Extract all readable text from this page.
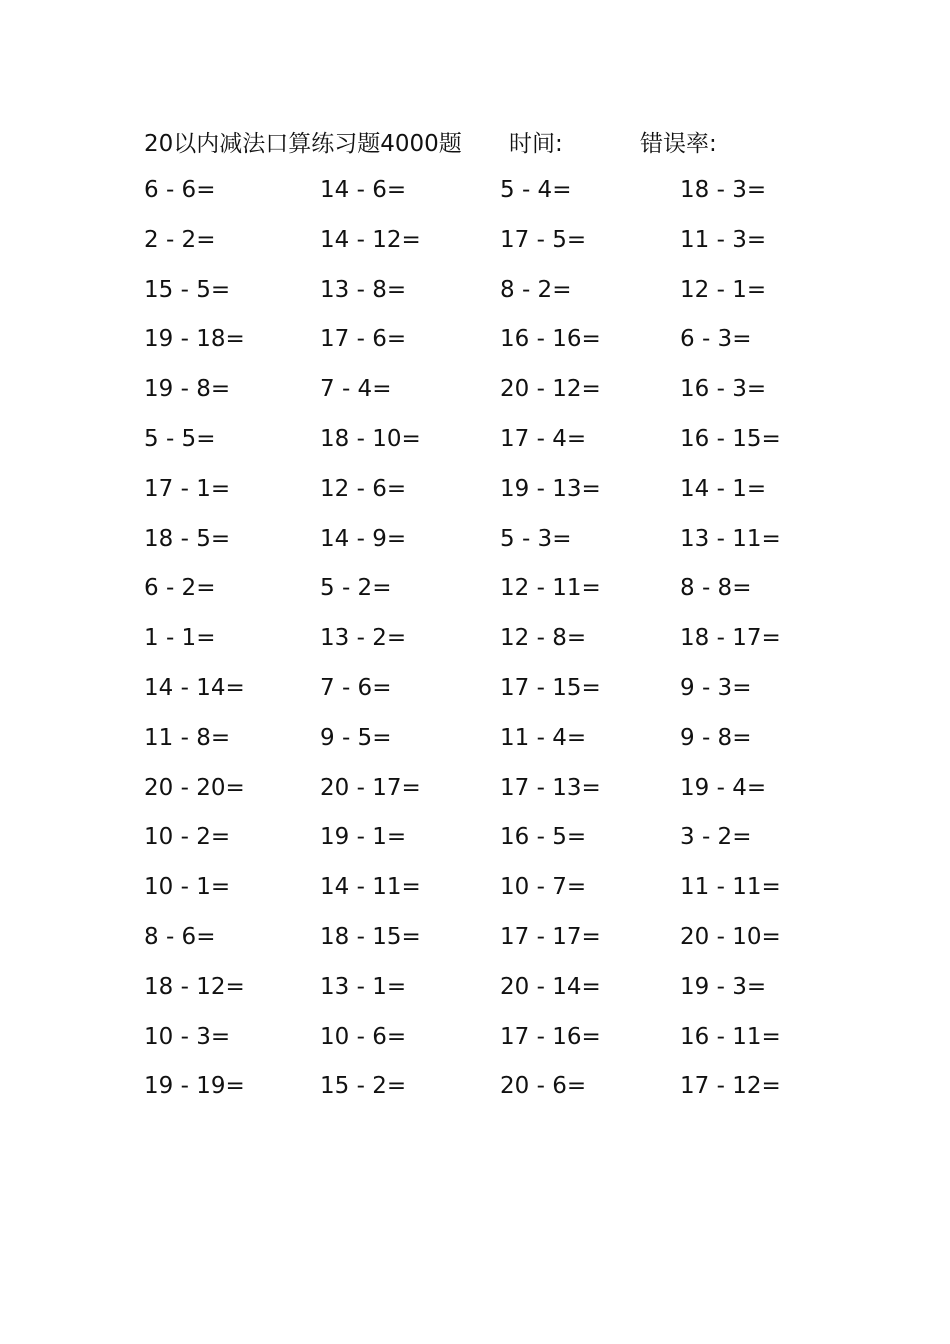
20以内减法口算练习题4000题 时间:	错误率:
6 - 6=	14 - 6=	5 - 4=	18 - 3=
2 - 2=	14 - 12=	17 - 5=	11 - 3=
15 - 5=	13 - 8=	8 - 2=	12 - 1=
19 - 18=	17 - 6=	16 - 16=	6 - 3=
19 - 8=	7 - 4=	20 - 12=	16 - 3=
5 - 5=	18 - 10=	17 - 4=	16 - 15=
17 - 1=	12 - 6=	19 - 13=	14 - 1=
18 - 5=	14 - 9=	5 - 3=	13 - 11=
6 - 2=	5 - 2=	12 - 11=	8 - 8=
1 - 1=	13 - 2=	12 - 8=	18 - 17=
14 - 14=	7 - 6=	17 - 15=	9 - 3=
11 - 8=	9 - 5=	11 - 4=	9 - 8=
20 - 20=	20 - 17=	17 - 13=	19 - 4=
10 - 2=	19 - 1=	16 - 5=	3 - 2=
10 - 1=	14 - 11=	10 - 7=	11 - 11=
8 - 6=	18 - 15=	17 - 17=	20 - 10=
18 - 12=	13 - 1=	20 - 14=	19 - 3=
10 - 3=	10 - 6=	17 - 16=	16 - 11=
19 - 19=	15 - 2=	20 - 6=	17 - 12=
